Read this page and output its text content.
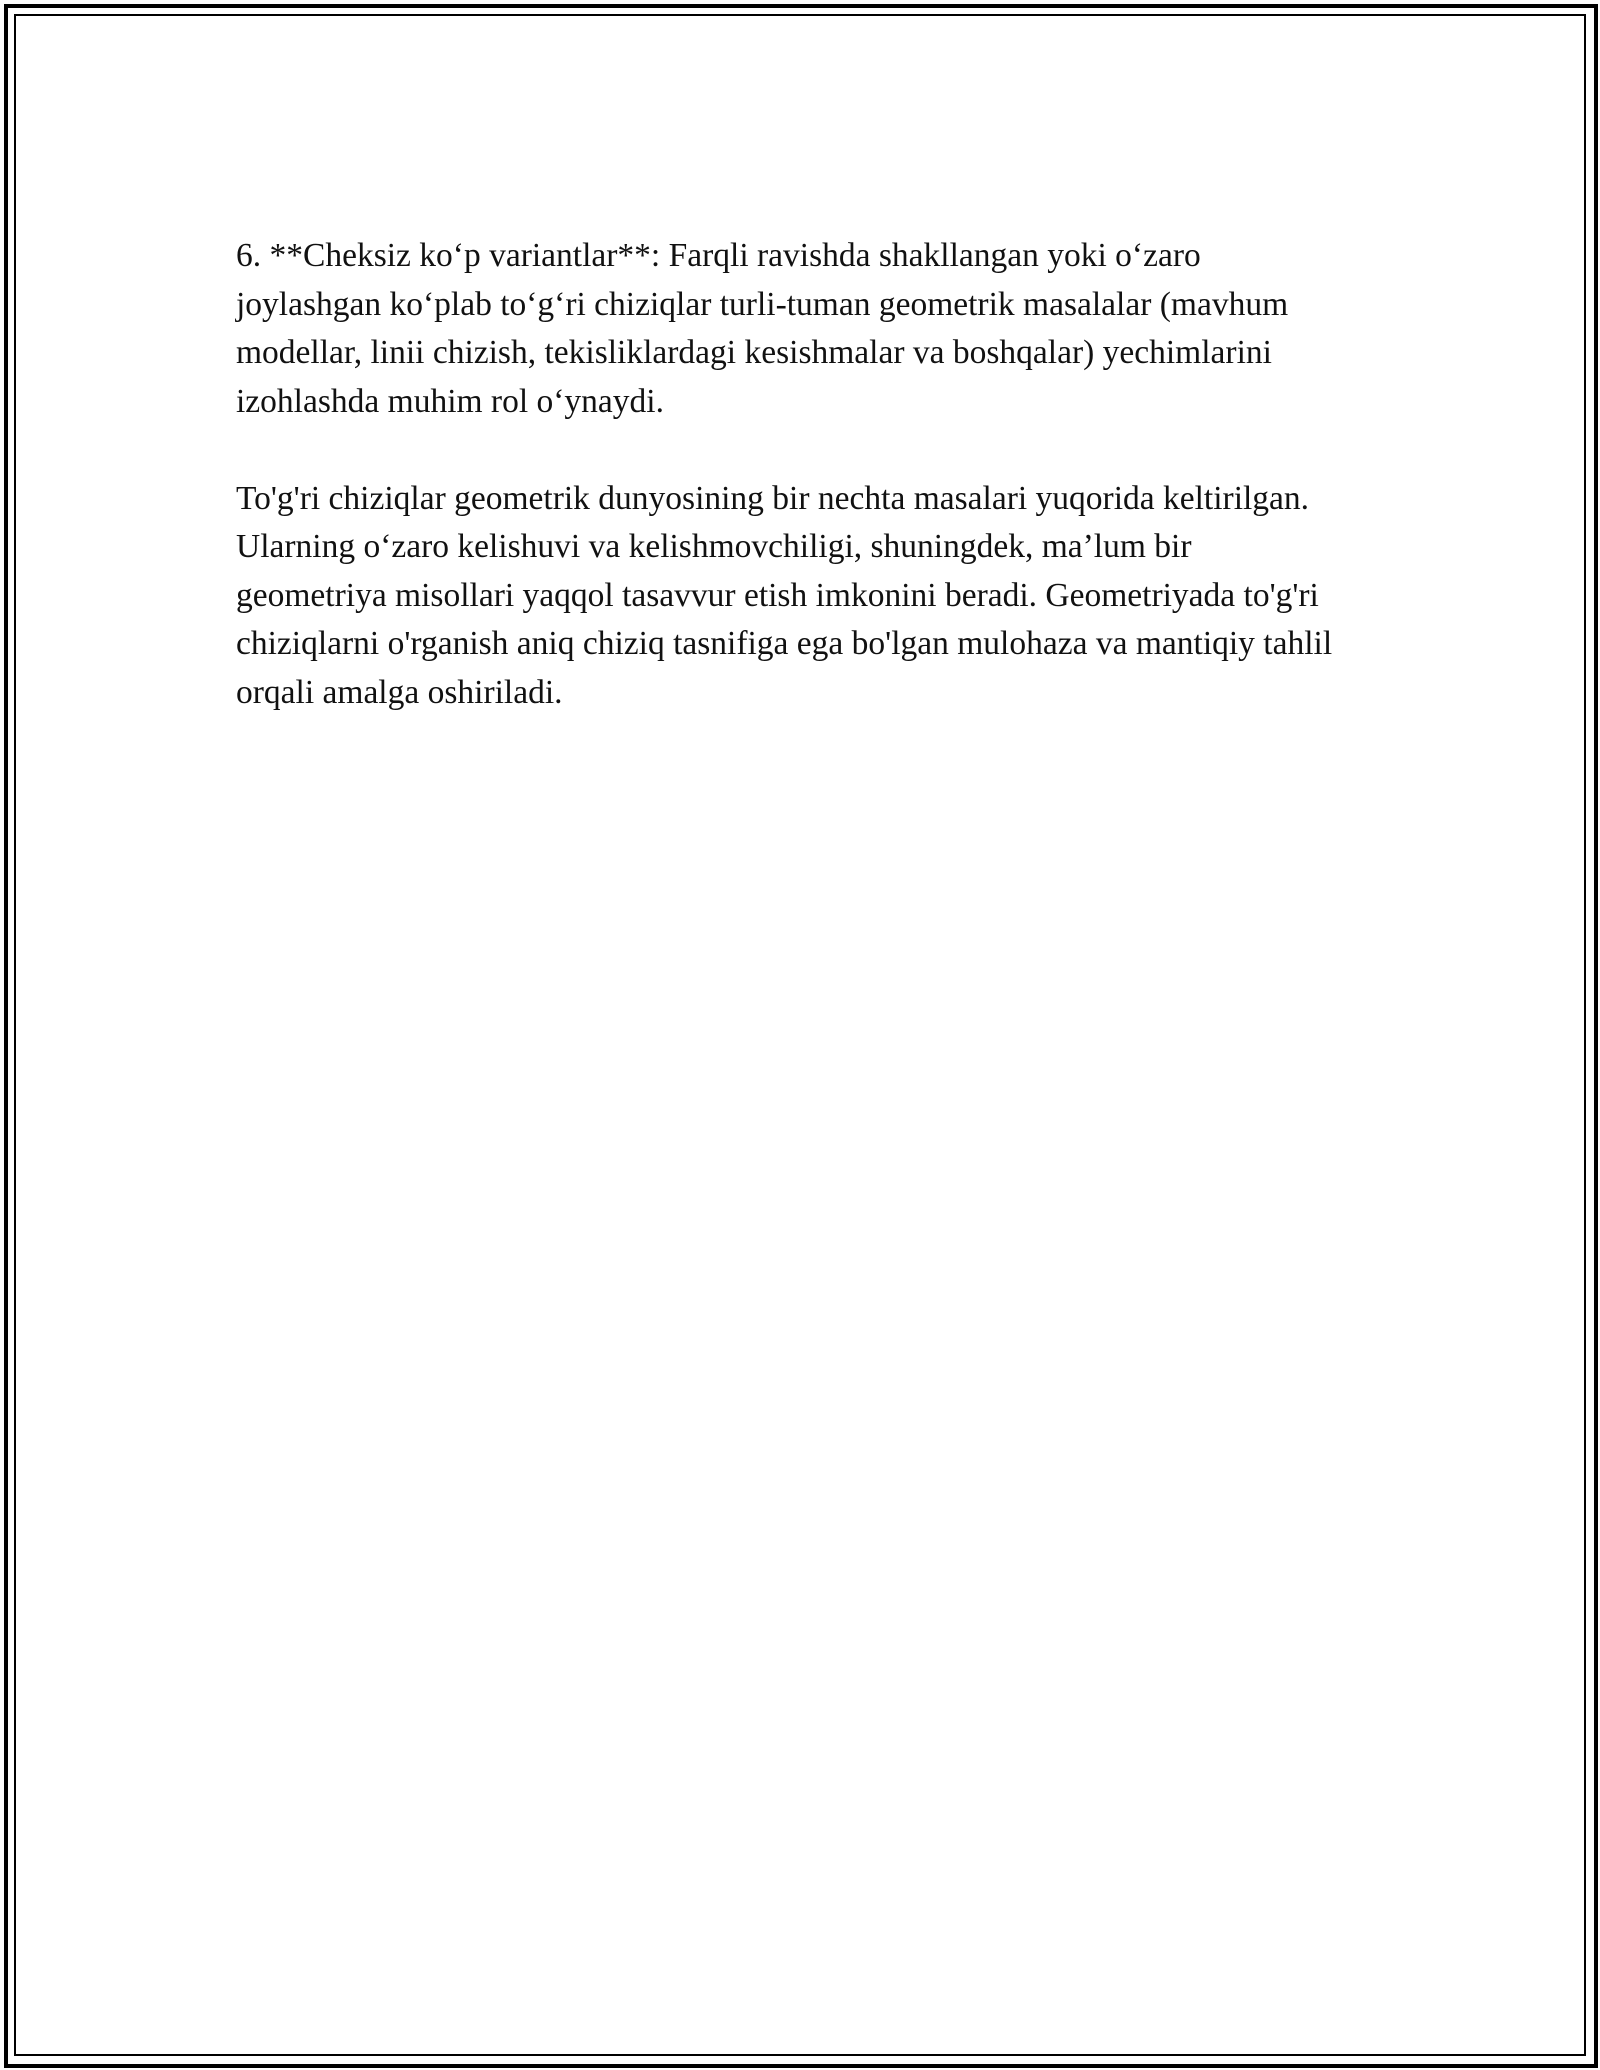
6. **Cheksiz ko‘p variantlar**: Farqli ravishda shakllangan yoki o‘zaro joylashgan ko‘plab to‘g‘ri chiziqlar turli-tuman geometrik masalalar (mavhum modellar, linii chizish, tekisliklardagi kesishmalar va boshqalar) yechimlarini izohlashda muhim rol o‘ynaydi.

To'g'ri chiziqlar geometrik dunyosining bir nechta masalari yuqorida keltirilgan. Ularning o‘zaro kelishuvi va kelishmovchiligi, shuningdek, ma’lum bir geometriya misollari yaqqol tasavvur etish imkonini beradi. Geometriyada to'g'ri chiziqlarni o'rganish aniq chiziq tasnifiga ega bo'lgan mulohaza va mantiqiy tahlil orqali amalga oshiriladi.
